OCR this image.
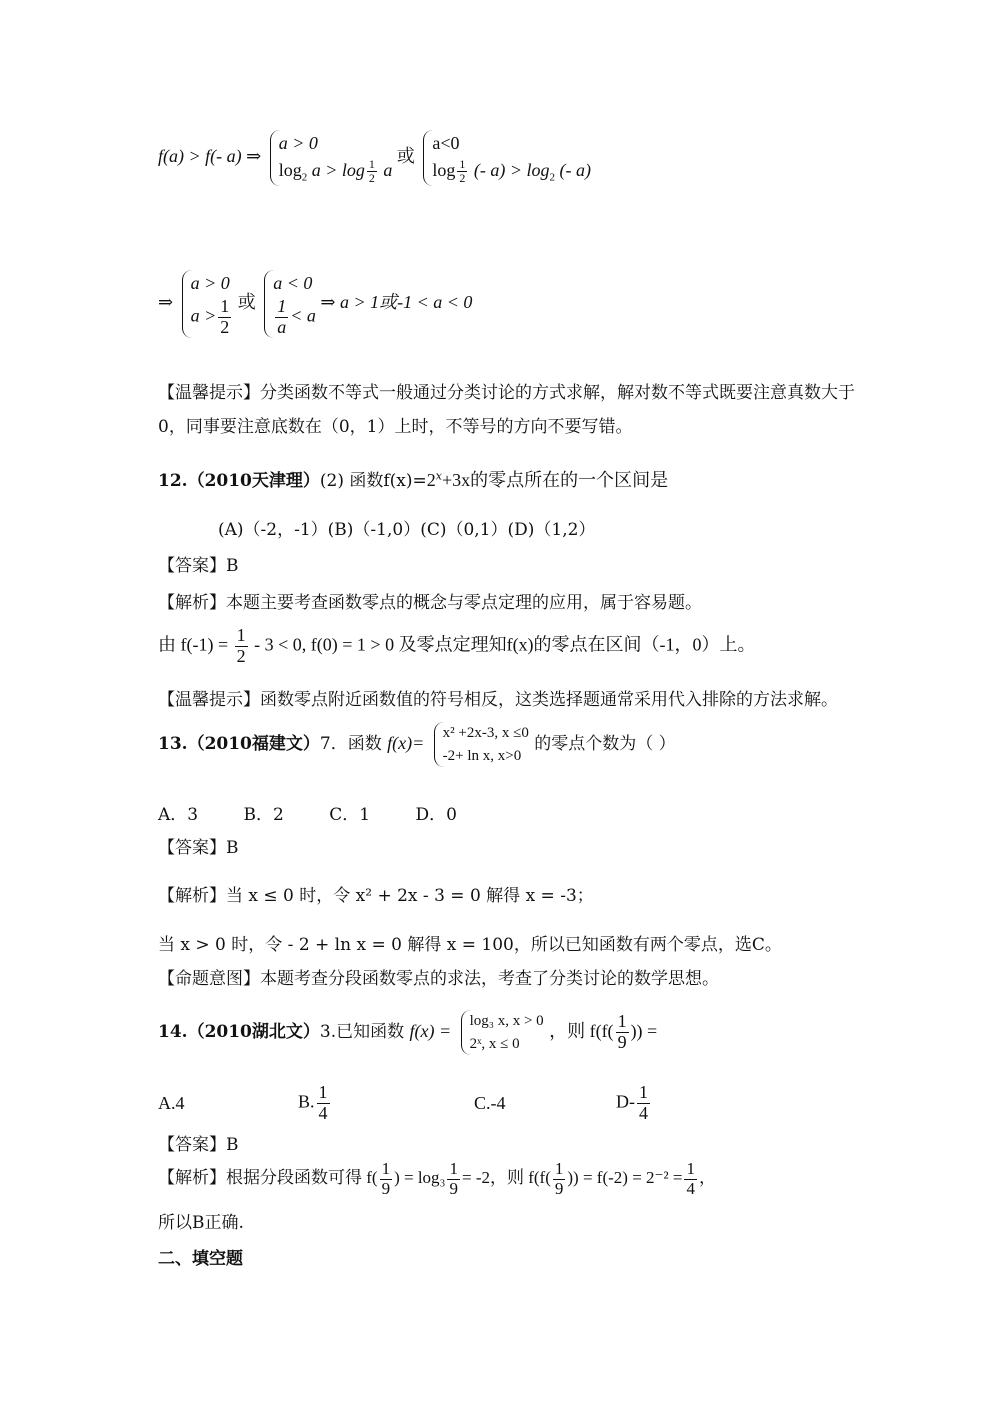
f(a) > f(- a) ⇒
a > 0
$\log_2 a > \log \frac{1}{2}$ a
或
a<0
$\log \frac{1}{2}$ (- $a) > \log_2$ (- a)
⇒
a > 0
$a > \frac{1}{2}$ 或
a < 0
$\frac{1}{a} < a$
⇒ a > 1或-1 < a < 0
【温馨提示】分类函数不等式一般通过分类讨论的方式求解，解对数不等式既要注意真数大于0，同事要注意底数在（0，1）上时，不等号的方向不要写错。
12.（2010天津理）(2) 函数$f(x)=2^x+3x$的零点所在的一个区间是
(A)（-2，-1）(B)（-1,0）(C)（0,1）(D)（1,2）
【答案】B
【解析】本题主要考查函数零点的概念与零点定理的应用，属于容易题。
由 $f(-1) = \frac{1}{2} - 3 < 0$, f(0) = 1 > 0 及零点定理知f(x)的零点在区间（-1，0）上。
【温馨提示】函数零点附近函数值的符号相反，这类选择题通常采用代入排除的方法求解。
13.（2010福建文）7．函数 f(x)= x² +2x-3, x ≤0
-2+ ln x, x>0
的零点个数为（ ）
A．3	B．2	C．1	D．0
【答案】B
【解析】当 x ≤ 0 时，令 x² + 2x - 3 = 0 解得 x = -3；
当 x > 0 时，令 - 2 + ln x = 0 解得 x = 100，所以已知函数有两个零点，选C。
【命题意图】本题考查分段函数零点的求法，考查了分类讨论的数学思想。
14.（2010湖北文）3.已知函数 f(x) = log₃ x, x > 0
2ˣ, x ≤ 0
，则 $f(f( \frac{1}{9}$ )) =
A.4	B. $\frac{1}{4}$	C.-4	$D- \frac{1}{4}$
【答案】B
【解析】根据分段函数可得 $f( \frac{1}{9}$ ) = $\log_3 \frac{1}{9} = -2$，则 $f(f( \frac{1}{9}$ )) = $f(-2) = 2^{-2} = \frac{1}{4}$ ，
所以B正确.
二、填空题
